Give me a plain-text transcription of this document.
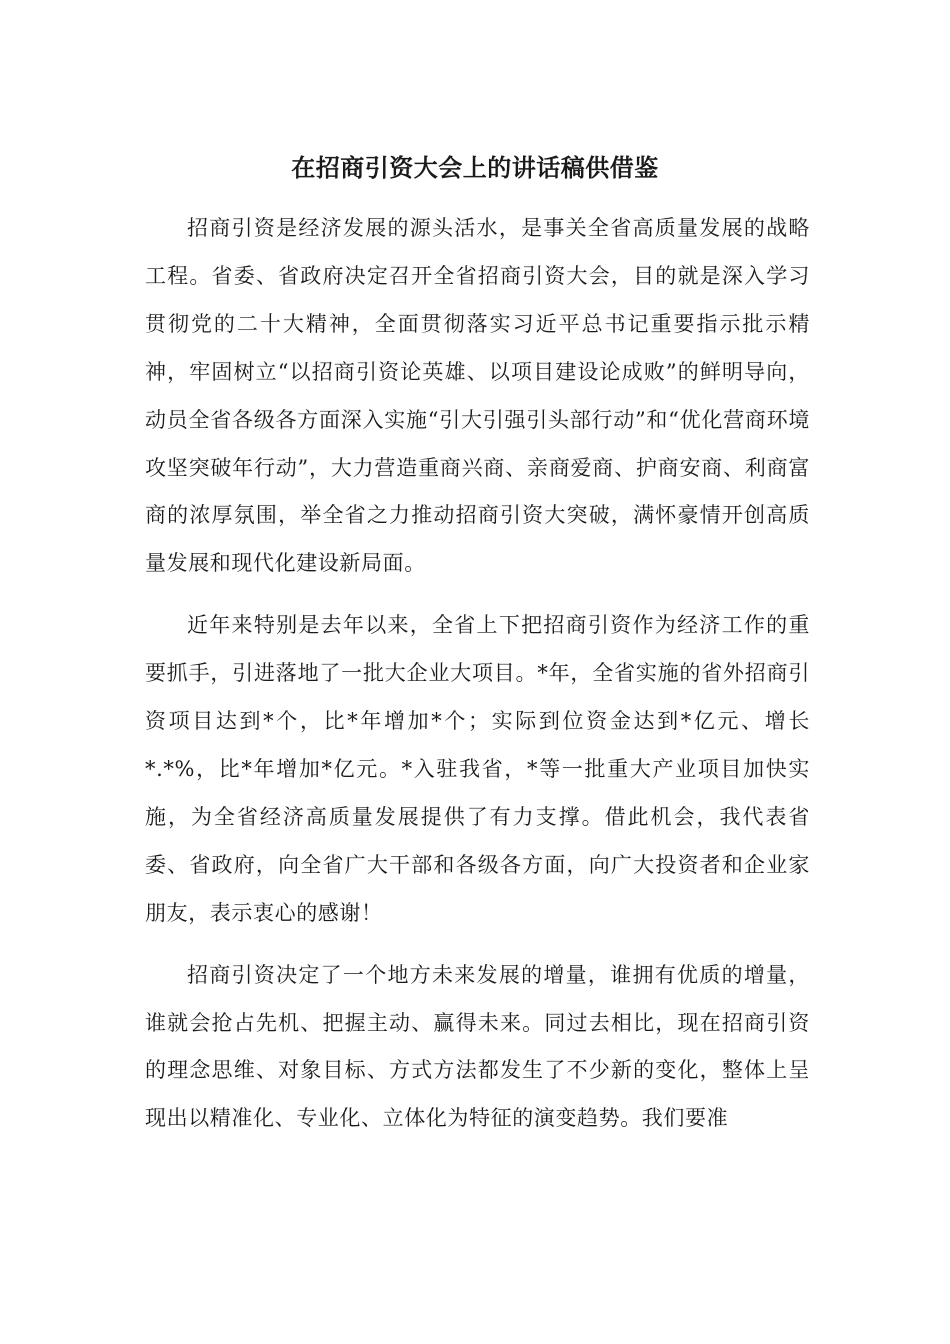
在招商引资大会上的讲话稿供借鉴

招商引资是经济发展的源头活水，是事关全省高质量发展的战略工程。省委、省政府决定召开全省招商引资大会，目的就是深入学习贯彻党的二十大精神，全面贯彻落实习近平总书记重要指示批示精神，牢固树立“以招商引资论英雄、以项目建设论成败”的鲜明导向，动员全省各级各方面深入实施“引大引强引头部行动”和“优化营商环境攻坚突破年行动”，大力营造重商兴商、亲商爱商、护商安商、利商富商的浓厚氛围，举全省之力推动招商引资大突破，满怀豪情开创高质量发展和现代化建设新局面。

近年来特别是去年以来，全省上下把招商引资作为经济工作的重要抓手，引进落地了一批大企业大项目。*年，全省实施的省外招商引资项目达到*个，比*年增加*个；实际到位资金达到*亿元、增长*.*%，比*年增加*亿元。*入驻我省，*等一批重大产业项目加快实施，为全省经济高质量发展提供了有力支撑。借此机会，我代表省委、省政府，向全省广大干部和各级各方面，向广大投资者和企业家朋友，表示衷心的感谢！

招商引资决定了一个地方未来发展的增量，谁拥有优质的增量，谁就会抢占先机、把握主动、赢得未来。同过去相比，现在招商引资的理念思维、对象目标、方式方法都发生了不少新的变化，整体上呈现出以精准化、专业化、立体化为特征的演变趋势。我们要准
